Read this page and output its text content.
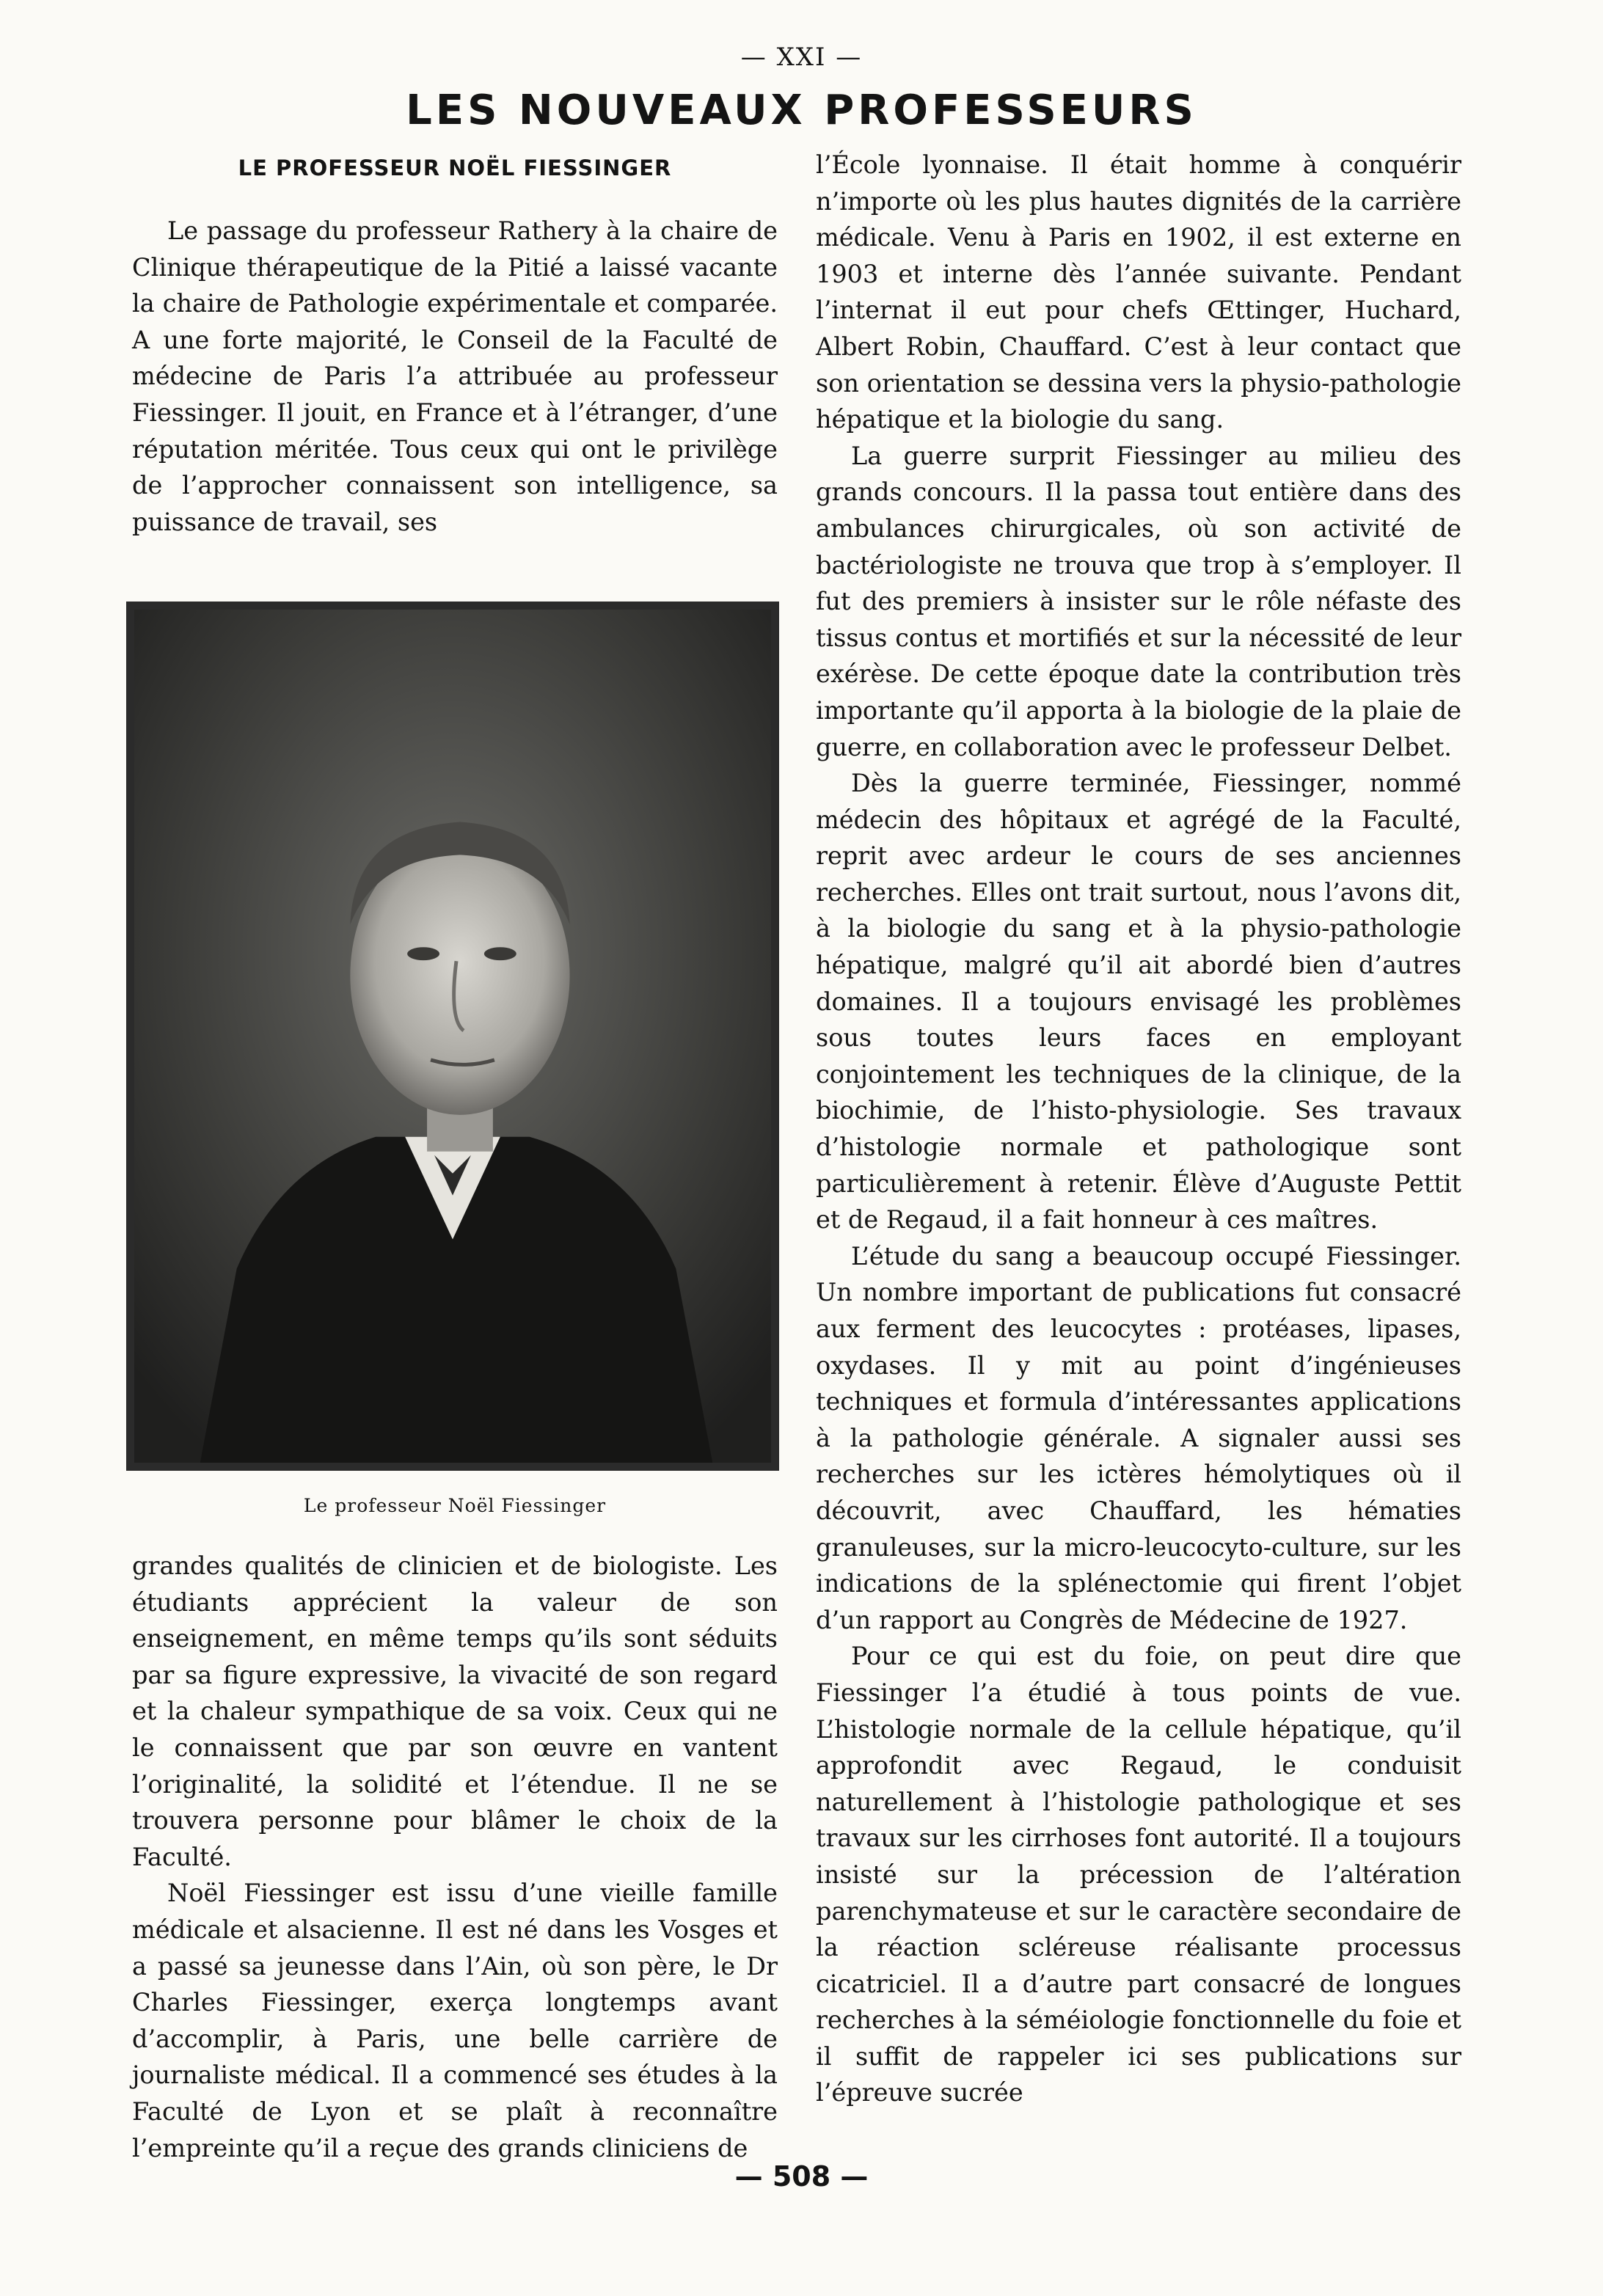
— XXI —
LES NOUVEAUX PROFESSEURS
LE PROFESSEUR NOËL FIESSINGER

Le passage du professeur Rathery à la chaire de Clinique thérapeutique de la Pitié a laissé vacante la chaire de Pathologie expérimentale et comparée. A une forte majorité, le Conseil de la Faculté de médecine de Paris l’a attribuée au professeur Fiessinger. Il jouit, en France et à l’étranger, d’une réputation méritée. Tous ceux qui ont le privilège de l’approcher connaissent son intelligence, sa puissance de travail, ses

Le professeur Noël Fiessinger

grandes qualités de clinicien et de biologiste. Les étudiants apprécient la valeur de son enseignement, en même temps qu’ils sont séduits par sa figure expressive, la vivacité de son regard et la chaleur sympathique de sa voix. Ceux qui ne le connaissent que par son œuvre en vantent l’originalité, la solidité et l’étendue. Il ne se trouvera personne pour blâmer le choix de la Faculté.

Noël Fiessinger est issu d’une vieille famille médicale et alsacienne. Il est né dans les Vosges et a passé sa jeunesse dans l’Ain, où son père, le Dr Charles Fiessinger, exerça longtemps avant d’accomplir, à Paris, une belle carrière de journaliste médical. Il a commencé ses études à la Faculté de Lyon et se plaît à reconnaître l’empreinte qu’il a reçue des grands cliniciens de

l’École lyonnaise. Il était homme à conquérir n’importe où les plus hautes dignités de la carrière médicale. Venu à Paris en 1902, il est externe en 1903 et interne dès l’année suivante. Pendant l’internat il eut pour chefs Œttinger, Huchard, Albert Robin, Chauffard. C’est à leur contact que son orientation se dessina vers la physio-pathologie hépatique et la biologie du sang.

La guerre surprit Fiessinger au milieu des grands concours. Il la passa tout entière dans des ambulances chirurgicales, où son activité de bactériologiste ne trouva que trop à s’employer. Il fut des premiers à insister sur le rôle néfaste des tissus contus et mortifiés et sur la nécessité de leur exérèse. De cette époque date la contribution très importante qu’il apporta à la biologie de la plaie de guerre, en collaboration avec le professeur Delbet.

Dès la guerre terminée, Fiessinger, nommé médecin des hôpitaux et agrégé de la Faculté, reprit avec ardeur le cours de ses anciennes recherches. Elles ont trait surtout, nous l’avons dit, à la biologie du sang et à la physio-pathologie hépatique, malgré qu’il ait abordé bien d’autres domaines. Il a toujours envisagé les problèmes sous toutes leurs faces en employant conjointement les techniques de la clinique, de la biochimie, de l’histo-physiologie. Ses travaux d’histologie normale et pathologique sont particulièrement à retenir. Élève d’Auguste Pettit et de Regaud, il a fait honneur à ces maîtres.

L’étude du sang a beaucoup occupé Fiessinger. Un nombre important de publications fut consacré aux ferment des leucocytes : protéases, lipases, oxydases. Il y mit au point d’ingénieuses techniques et formula d’intéressantes applications à la pathologie générale. A signaler aussi ses recherches sur les ictères hémolytiques où il découvrit, avec Chauffard, les hématies granuleuses, sur la micro-leucocyto-culture, sur les indications de la splénectomie qui firent l’objet d’un rapport au Congrès de Médecine de 1927.

Pour ce qui est du foie, on peut dire que Fiessinger l’a étudié à tous points de vue. L’histologie normale de la cellule hépatique, qu’il approfondit avec Regaud, le conduisit naturellement à l’histologie pathologique et ses travaux sur les cirrhoses font autorité. Il a toujours insisté sur la précession de l’altération parenchymateuse et sur le caractère secondaire de la réaction scléreuse réalisante processus cicatriciel. Il a d’autre part consacré de longues recherches à la séméiologie fonctionnelle du foie et il suffit de rappeler ici ses publications sur l’épreuve sucrée

— 508 —
